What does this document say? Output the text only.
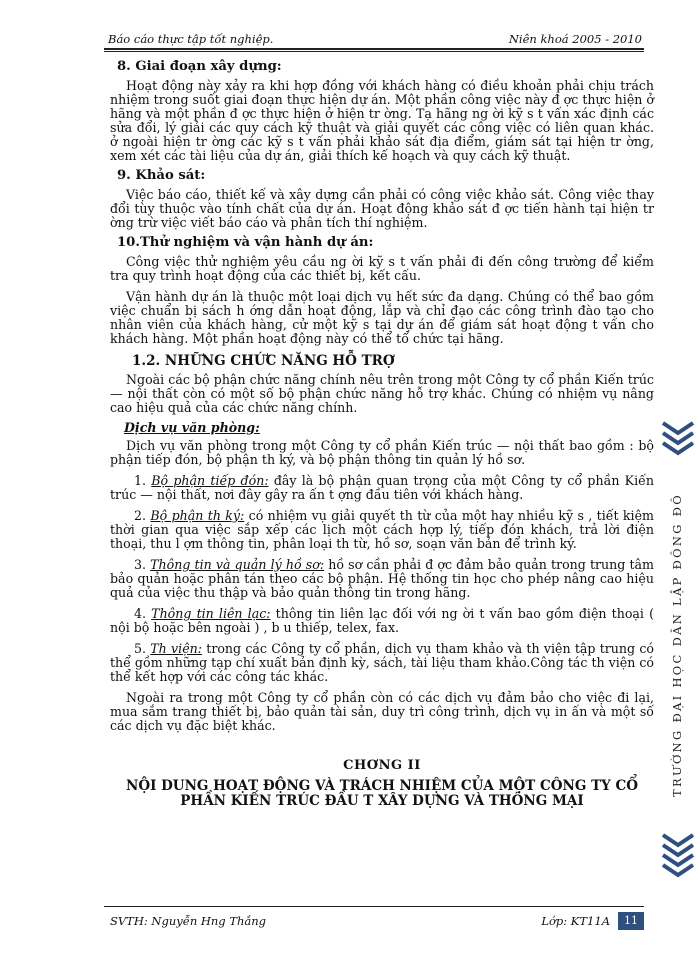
Báo cáo thực tập tốt nghiệp.	Niên khoá 2005 - 2010

8. Giai đoạn xây dựng:

Hoạt động này xảy ra khi hợp đồng với khách hàng có điều khoản phải chịu trách nhiệm trong suốt giai đoạn thực hiện dự án. Một phần công việc này đ ợc thực hiện ở hãng và một phần đ ợc thực hiện ở hiện tr ờng. Tạ hãng ng ời kỹ s t vấn xác định các sửa đổi, lý giải các quy cách kỹ thuật và giải quyết các công việc có liên quan khác. ở ngoài hiện tr ờng các kỹ s t vấn phải khảo sát địa điểm, giám sát tại hiện tr ờng, xem xét các tài liệu của dự án, giải thích kế hoạch và quy cách kỹ thuật.

9. Khảo sát:

Việc báo cáo, thiết kế và xây dựng cần phải có công việc khảo sát. Công việc thay đổi tùy thuộc vào tính chất của dự án. Hoạt động khảo sát đ ợc tiến hành tại hiện tr ờng trừ việc viết báo cáo và phân tích thí nghiệm.

10.Thử nghiệm và vận hành dự án:

Công việc thử nghiệm yêu cầu ng ời kỹ s t vấn phải đi đến công trường để kiểm tra quy trình hoạt động của các thiết bị, kết cấu.

Vận hành dự án là thuộc một loại dịch vụ hết sức đa dạng. Chúng có thể bao gồm việc chuẩn bị sách h ớng dẫn hoạt động, lắp và chỉ đạo các công trình đào tạo cho nhân viên của khách hàng, cử một kỹ s tại dự án để giám sát hoạt động t vấn cho khách hàng. Một phần hoạt động này có thể tổ chức tại hãng.

1.2. NHỮNG CHỨC NĂNG HỖ TRỢ

Ngoài các bộ phận chức năng chính nêu trên trong một Công ty cổ phần Kiến trúc — nội thất còn có một số bộ phận chức năng hỗ trợ khác. Chúng có nhiệm vụ nâng cao hiệu quả của các chức năng chính.

Dịch vụ văn phòng:

Dịch vụ văn phòng trong một Công ty cổ phần Kiến trúc — nội thất bao gồm : bộ phận tiếp đón, bộ phận th ký, và bộ phận thông tin quản lý hồ sơ.

1. Bộ phận tiếp đón: đây là bộ phận quan trọng của một Công ty cổ phần Kiến trúc — nội thất, nơi đây gây ra ấn t ợng đầu tiên với khách hàng.

2. Bộ phận th ký: có nhiệm vụ giải quyết th từ của một hay nhiều kỹ s , tiết kiệm thời gian qua việc sắp xếp các lịch một cách hợp lý, tiếp đón khách, trả lời điện thoại, thu l ợm thông tin, phân loại th từ, hồ sơ, soạn văn bản để trình ký.

3. Thông tin và quản lý hồ sơ: hồ sơ cần phải đ ợc đảm bảo quản trong trung tâm bảo quản hoặc phân tán theo các bộ phận. Hệ thống tin học cho phép nâng cao hiệu quả của việc thu thập và bảo quản thông tin trong hãng.

4. Thông tin liên lạc: thông tin liên lạc đối với ng ời t vấn bao gồm điện thoại ( nội bộ hoặc bên ngoài ) , b u thiếp, telex, fax.

5. Th viện: trong các Công ty cổ phần, dịch vụ tham khảo và th viện tập trung có thể gồm những tạp chí xuất bản định kỳ, sách, tài liệu tham khảo.Công tác th viện có thể kết hợp với các công tác khác.

Ngoài ra trong một Công ty cổ phần còn có các dịch vụ đảm bảo cho việc đi lại, mua sắm trang thiết bị, bảo quản tài sản, duy trì công trình, dịch vụ in ấn và một số các dịch vụ đặc biệt khác.

CHƠNG II

NỘI DUNG HOẠT ĐỘNG VÀ TRÁCH NHIỆM CỦA MỘT CÔNG TY CỔ PHẦN KIẾN TRÚC ĐẦU T XÂY DỰNG VÀ THÔNG MẠI

TRƯỜNG ĐẠI HỌC DÂN LẬP ĐÔNG ĐÔ
SVTH: Nguyễn Hng Thắng	Lớp: KT11A	11
